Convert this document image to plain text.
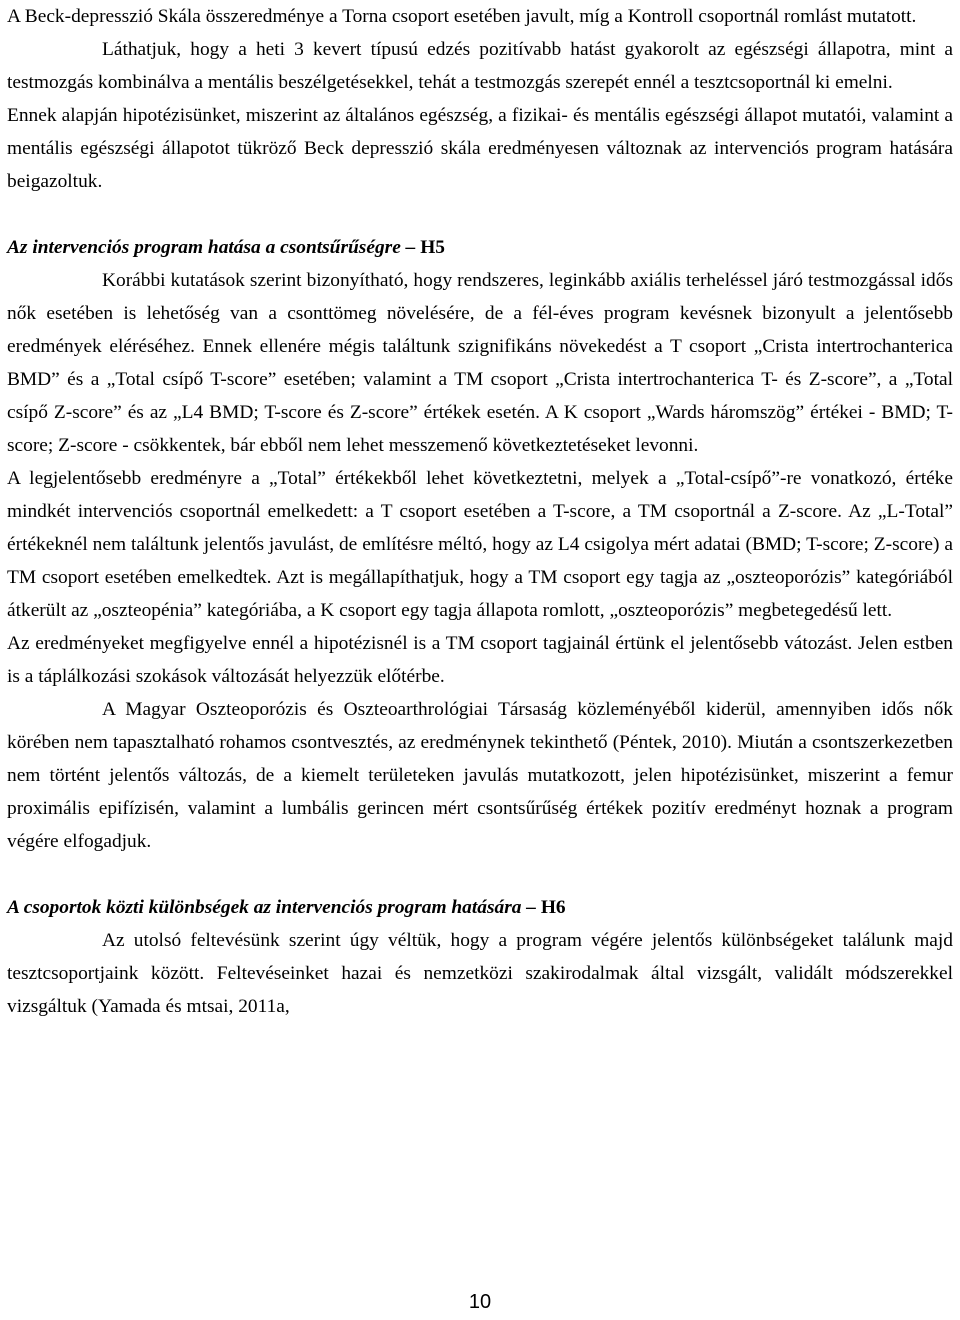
A Beck-depresszió Skála összeredménye a Torna csoport esetében javult, míg a Kontroll csoportnál romlást mutatott.

Láthatjuk, hogy a heti 3 kevert típusú edzés pozitívabb hatást gyakorolt az egészségi állapotra, mint a testmozgás kombinálva a mentális beszélgetésekkel, tehát a testmozgás szerepét ennél a tesztcsoportnál ki emelni.

Ennek alapján hipotézisünket, miszerint az általános egészség, a fizikai- és mentális egészségi állapot mutatói, valamint a mentális egészségi állapotot tükröző Beck depresszió skála eredményesen változnak az intervenciós program hatására beigazoltuk.

Az intervenciós program hatása a csontsűrűségre – H5

Korábbi kutatások szerint bizonyítható, hogy rendszeres, leginkább axiális terheléssel járó testmozgással idős nők esetében is lehetőség van a csonttömeg növelésére, de a fél-éves program kevésnek bizonyult a jelentősebb eredmények eléréséhez. Ennek ellenére mégis találtunk szignifikáns növekedést a T csoport „Crista intertrochanterica BMD” és a „Total csípő T-score” esetében; valamint a TM csoport „Crista intertrochanterica T- és Z-score”, a „Total csípő Z-score” és az „L4 BMD; T-score és Z-score” értékek esetén. A K csoport „Wards háromszög” értékei - BMD; T-score; Z-score - csökkentek, bár ebből nem lehet messzemenő következtetéseket levonni.

A legjelentősebb eredményre a „Total” értékekből lehet következtetni, melyek a „Total-csípő”-re vonatkozó, értéke mindkét intervenciós csoportnál emelkedett: a T csoport esetében a T-score, a TM csoportnál a Z-score. Az „L-Total” értékeknél nem találtunk jelentős javulást, de említésre méltó, hogy az L4 csigolya mért adatai (BMD; T-score; Z-score) a TM csoport esetében emelkedtek. Azt is megállapíthatjuk, hogy a TM csoport egy tagja az „oszteoporózis” kategóriából átkerült az „oszteopénia” kategóriába, a K csoport egy tagja állapota romlott, „oszteoporózis” megbetegedésű lett.

Az eredményeket megfigyelve ennél a hipotézisnél is a TM csoport tagjainál értünk el jelentősebb vátozást. Jelen estben is a táplálkozási szokások változását helyezzük előtérbe.

A Magyar Oszteoporózis és Oszteoarthrológiai Társaság közleményéből kiderül, amennyiben idős nők körében nem tapasztalható rohamos csontvesztés, az eredménynek tekinthető (Péntek, 2010). Miután a csontszerkezetben nem történt jelentős változás, de a kiemelt területeken javulás mutatkozott, jelen hipotézisünket, miszerint a femur proximális epifízisén, valamint a lumbális gerincen mért csontsűrűség értékek pozitív eredményt hoznak a program végére elfogadjuk.

A csoportok közti különbségek az intervenciós program hatására – H6

Az utolsó feltevésünk szerint úgy véltük, hogy a program végére jelentős különbségeket találunk majd tesztcsoportjaink között. Feltevéseinket hazai és nemzetközi szakirodalmak által vizsgált, validált módszerekkel vizsgáltuk (Yamada és mtsai, 2011a,

10
